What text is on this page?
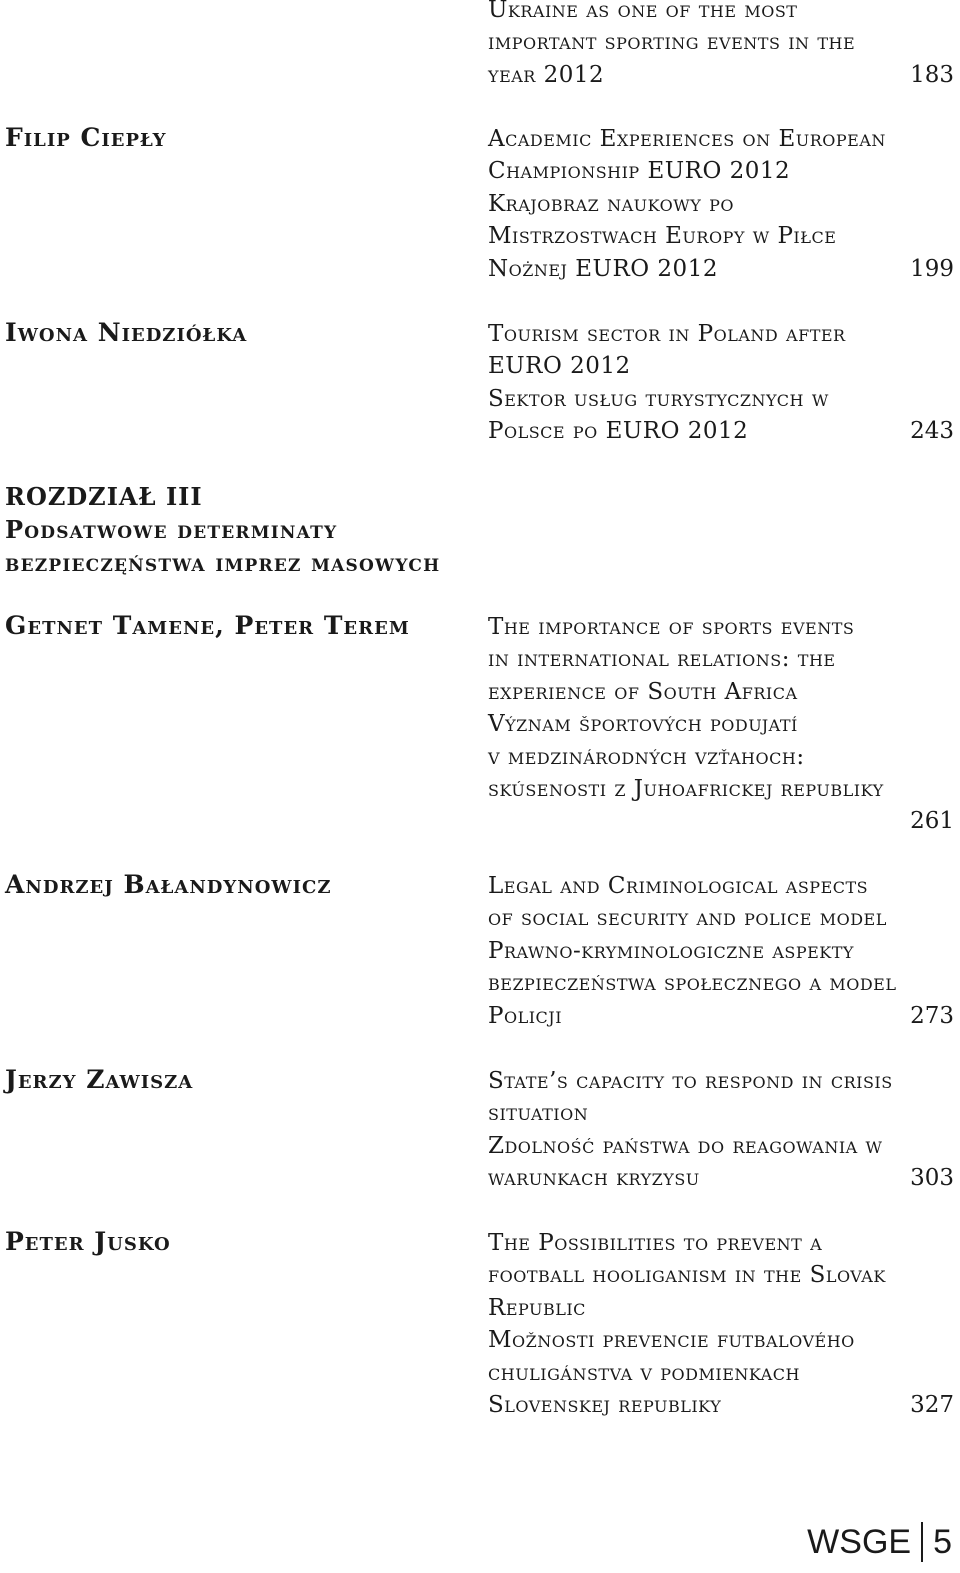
Ukraine as one of the most
important sporting events in the
year 2012	183
Filip Ciepły	Academic Experiences on European
Championship EURO 2012
Krajobraz naukowy po
Mistrzostwach Europy w Piłce
Nożnej EURO 2012	199
Iwona Niedziółka	Tourism sector in Poland after
EURO 2012
Sektor usług turystycznych w
Polsce po EURO 2012	243
ROZDZIAŁ III
Podsatwowe determinaty
bezpieczęństwa imprez masowych
Getnet Tamene, Peter Terem	The importance of sports events
in international relations: the
experience of South Africa
Význam športových podujatí
v medzinárodných vzťahoch:
skúsenosti z Juhoafrickej republiky
261
Andrzej Bałandynowicz	Legal and Criminological aspects
of social security and police model
Prawno-kryminologiczne aspekty
bezpieczeństwa społecznego a model
Policji	273
Jerzy Zawisza	State’s capacity to respond in crisis
situation
Zdolność państwa do reagowania w
warunkach kryzysu	303
Peter Jusko	The Possibilities to prevent a
football hooliganism in the Slovak
Republic
Možnosti prevencie futbalového
chuligánstva v podmienkach
Slovenskej republiky	327
WSGE 5
